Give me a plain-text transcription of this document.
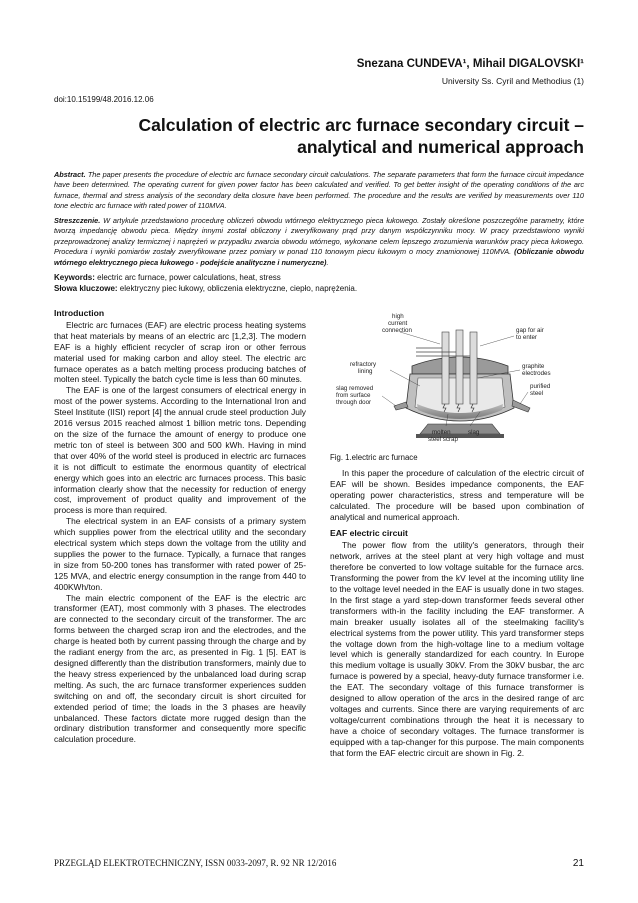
Snezana CUNDEVA¹, Mihail DIGALOVSKI¹
University Ss. Cyril and Methodius (1)
doi:10.15199/48.2016.12.06
Calculation of electric arc furnace secondary circuit – analytical and numerical approach
Abstract. The paper presents the procedure of electric arc furnace secondary circuit calculations. The separate parameters that form the furnace circuit impedance have been determined. The operating current for given power factor has been calculated and verified. To get better insight of the operating conditions of the arc furnace, thermal and stress analysis of the secondary delta closure have been performed. The procedure and the results are verified by measurements over 110 tone electric arc furnace with rated power of 110MVA.
Streszczenie. W artykule przedstawiono procedurę obliczeń obwodu wtórnego elektrycznego pieca łukowego. Zostały określone poszczególne parametry, które tworzą impedancję obwodu pieca. Między innymi został obliczony i zweryfikowany prąd przy danym współczynniku mocy. W pracy przedstawiono wyniki przeprowadzonej analizy termicznej i naprężeń w przypadku zwarcia obwodu wtórnego, wykonane celem lepszego zrozumienia warunków pracy pieca łukowego. Procedura i wyniki pomiarów zostały zweryfikowane przez pomiary w ponad 110 tonowym piecu łukowym o mocy znamionowej 110MVA. (Obliczanie obwodu wtórnego elektrycznego pieca łukowego - podejście analityczne i numeryczne).
Keywords: electric arc furnace, power calculations, heat, stress
Słowa kluczowe: elektryczny piec łukowy, obliczenia elektryczne, ciepło, naprężenia.
Introduction

Electric arc furnaces (EAF) are electric process heating systems that heat materials by means of an electric arc [1,2,3]. The modern EAF is a highly efficient recycler of scrap iron or other ferrous material used for making carbon and alloy steel. The electric arc furnace operates as a batch melting process producing batches of molten steel. Typically the batch cycle time is less than 60 minutes.

The EAF is one of the largest consumers of electrical energy in most of the power systems. According to the International Iron and Steel Institute (IISI) report [4] the annual crude steel production July 2016 versus 2015 reached almost 1 billion metric tons. Depending on the size of the furnace the amount of energy to produce one metric ton of steel is between 300 and 500 kWh. Having in mind that over 40% of the world steel is produced in electric arc furnaces it is not difficult to estimate the enormous quantity of electrical energy which goes into an electric arc furnaces process. This basic information clearly show that the necessity for reduction of energy cost, improvement of product quality and improvement of the process is more than required.

The electrical system in an EAF consists of a primary system which supplies power from the electrical utility and the secondary electrical system which steps down the voltage from the utility and supplies the power to the furnace. Typically, a furnace that ranges in size from 50-200 tones has transformer with rated power of 25-125 MVA, and electric energy consumption in the range from 440 to 400KWh/ton.

The main electric component of the EAF is the electric arc transformer (EAT), most commonly with 3 phases. The electrodes are connected to the secondary circuit of the transformer. The arc forms between the charged scrap iron and the electrodes, and the charge is heated both by current passing through the charge and by the radiant energy from the arc, as presented in Fig. 1 [5]. EAT is designed differently than the distribution transformers, mainly due to the heavy stress experienced by the unbalanced load during scrap melting. As such, the arc furnace transformer experiences sudden switching on and off, the secondary circuit is short circuited for extended period of time; the loads in the 3 phases are heavily unbalanced. These factors dictate more rugged design than the ordinary distribution transformer and consequently more specific calculation procedure.

high
current
connection	gap for air
to enter
refractory
lining
graphite
electrodes
slag removed
from surface
through door
purified
steel
molten
steel scrap
slag
Fig. 1.electric arc furnace

In this paper the procedure of calculation of the electric circuit of EAF will be shown. Besides impedance components, the EAF operating power characteristics, stress and temperature will be calculated. The procedure will be based upon combination of analytical and numerical approach.

EAF electric circuit

The power flow from the utility's generators, through their network, arrives at the steel plant at very high voltage and must therefore be converted to low voltage suitable for the furnace arcs. Transforming the power from the kV level at the incoming utility line to the voltage level needed in the EAF is usually done in two stages. In the first stage a yard step-down transformer feeds several other transformers with-in the facility including the EAF transformer. A main breaker usually isolates all of the steelmaking facility's electrical systems from the power utility. This yard transformer steps the voltage down from the high-voltage line to a medium voltage level which is generally standardized for each country. In Europe this medium voltage is usually 30kV. From the 30kV busbar, the arc furnace is powered by a special, heavy-duty furnace transformer i.e. the EAT. The secondary voltage of this furnace transformer is designed to allow operation of the arcs in the desired range of arc voltages and currents. Since there are varying requirements of arc voltage/current combinations through the heat it is necessary to have a choice of secondary voltages. The furnace transformer is equipped with a tap-changer for this purpose. The main components that form the EAF electric circuit are shown in Fig. 2.

PRZEGLĄD ELEKTROTECHNICZNY, ISSN 0033-2097, R. 92 NR 12/2016	21
